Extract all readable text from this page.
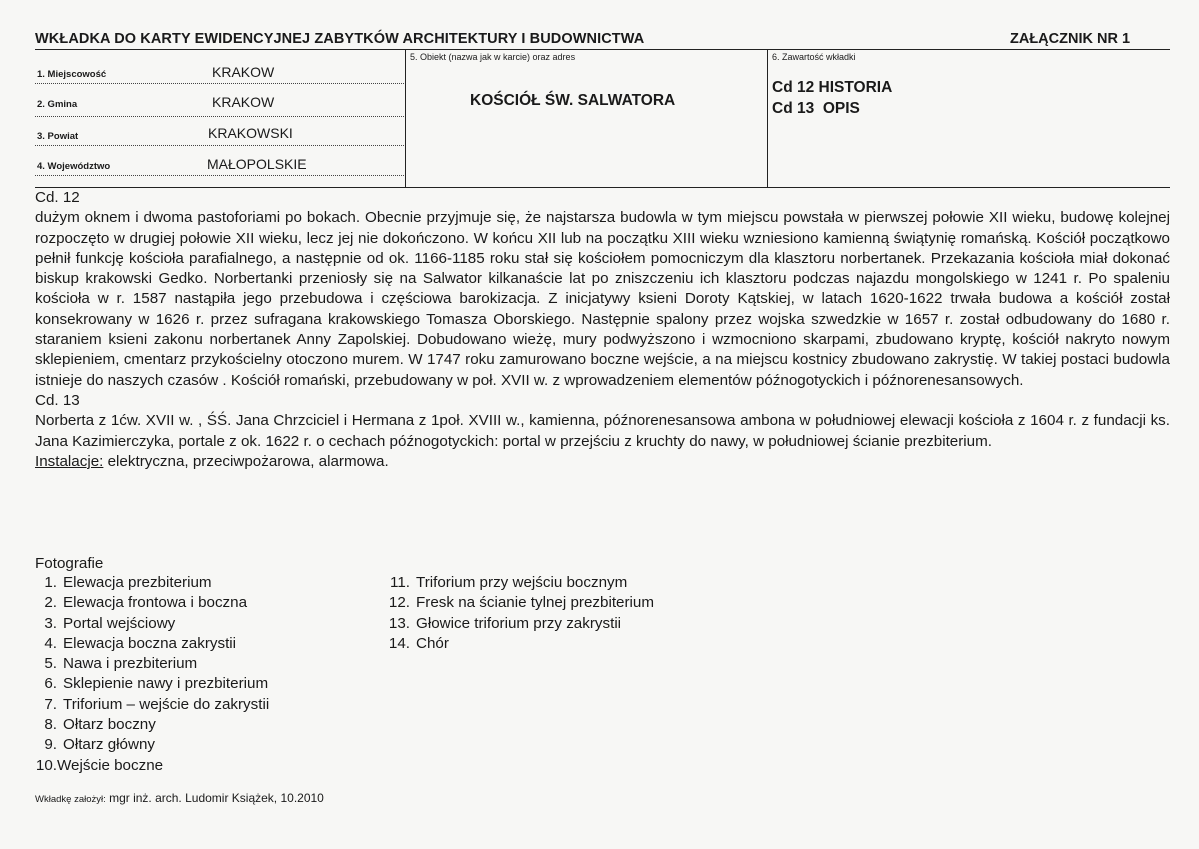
WKŁADKA DO KARTY EWIDENCYJNEJ ZABYTKÓW ARCHITEKTURY I BUDOWNICTWA	ZAŁĄCZNIK NR 1
1. Miejscowość	KRAKOW
2. Gmina	KRAKOW
3. Powiat	KRAKOWSKI
4. Województwo	MAŁOPOLSKIE
5. Obiekt (nazwa jak w karcie) oraz adres
KOŚCIÓŁ ŚW. SALWATORA
6. Zawartość wkładki
Cd 12 HISTORIA
Cd 13  OPIS

Cd. 12

dużym oknem i dwoma pastoforiami po bokach. Obecnie przyjmuje się, że najstarsza budowla w tym miejscu powstała w pierwszej połowie XII wieku, budowę kolejnej rozpoczęto w drugiej połowie XII wieku, lecz jej nie dokończono. W końcu XII lub na początku XIII wieku wzniesiono kamienną świątynię romańską. Kościół początkowo pełnił funkcję kościoła parafialnego, a następnie od ok. 1166-1185 roku stał się kościołem pomocniczym dla klasztoru norbertanek. Przekazania kościoła miał dokonać biskup krakowski Gedko. Norbertanki przeniosły się na Salwator kilkanaście lat po zniszczeniu ich klasztoru podczas najazdu mongolskiego w 1241 r. Po spaleniu kościoła w r. 1587 nastąpiła jego przebudowa i częściowa barokizacja. Z inicjatywy ksieni Doroty Kątskiej, w latach 1620-1622 trwała budowa a kościół został konsekrowany w 1626 r. przez sufragana krakowskiego Tomasza Oborskiego. Następnie spalony przez wojska szwedzkie w 1657 r. został odbudowany do 1680 r. staraniem ksieni zakonu norbertanek Anny Zapolskiej. Dobudowano wieżę, mury podwyższono i wzmocniono skarpami, zbudowano kryptę, kościół nakryto nowym sklepieniem, cmentarz przykościelny otoczono murem. W 1747 roku zamurowano boczne wejście, a na miejscu kostnicy zbudowano zakrystię. W takiej postaci budowla istnieje do naszych czasów . Kościół romański, przebudowany w poł. XVII w. z wprowadzeniem elementów późnogotyckich i późnorenesansowych.

Cd. 13

Norberta z 1ćw. XVII w. , ŚŚ. Jana Chrzciciel i Hermana z 1poł. XVIII w., kamienna, późnorenesansowa ambona w południowej elewacji kościoła z 1604 r. z fundacji ks. Jana Kazimierczyka, portale z ok. 1622 r. o cechach późnogotyckich: portal w przejściu z kruchty do nawy, w południowej ścianie prezbiterium.

Instalacje: elektryczna, przeciwpożarowa, alarmowa.

Fotografie
1. Elewacja prezbiterium
2. Elewacja frontowa i boczna
3. Portal wejściowy
4. Elewacja boczna zakrystii
5. Nawa i prezbiterium
6. Sklepienie nawy i prezbiterium
7. Triforium – wejście do zakrystii
8. Ołtarz boczny
9. Ołtarz główny
10.Wejście boczne
11. Triforium przy wejściu bocznym
12. Fresk na ścianie tylnej prezbiterium
13. Głowice triforium przy zakrystii
14. Chór
Wkładkę założył: mgr inż. arch. Ludomir Książek, 10.2010
